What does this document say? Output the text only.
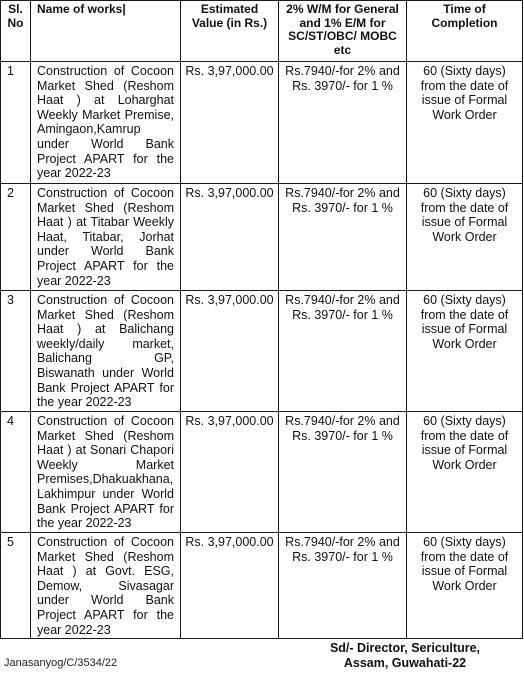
Sl. No	Name of works|	Estimated Value (in Rs.)	2% W/M for General and 1% E/M for SC/ST/OBC/ MOBC etc	Time of Completion
1	Construction of Cocoon Market Shed (Reshom Haat ) at Loharghat Weekly Market Premise, Amingaon,Kamrup under World Bank Project APART for the year 2022-23	Rs. 3,97,000.00	Rs.7940/-for 2% and Rs. 3970/- for 1 %	60 (Sixty days) from the date of issue of Formal Work Order
2	Construction of Cocoon Market Shed (Reshom Haat ) at Titabar Weekly Haat, Titabar, Jorhat under World Bank Project APART for the year 2022-23	Rs. 3,97,000.00	Rs.7940/-for 2% and Rs. 3970/- for 1 %	60 (Sixty days) from the date of issue of Formal Work Order
3	Construction of Cocoon Market Shed (Reshom Haat ) at Balichang weekly/daily market, Balichang GP, Biswanath under World Bank Project APART for the year 2022-23	Rs. 3,97,000.00	Rs.7940/-for 2% and Rs. 3970/- for 1 %	60 (Sixty days) from the date of issue of Formal Work Order
4	Construction of Cocoon Market Shed (Reshom Haat ) at Sonari Chapori Weekly Market Premises,Dhakuakhana, Lakhimpur under World Bank Project APART for the year 2022-23	Rs. 3,97,000.00	Rs.7940/-for 2% and Rs. 3970/- for 1 %	60 (Sixty days) from the date of issue of Formal Work Order
5	Construction of Cocoon Market Shed (Reshom Haat ) at Govt. ESG, Demow, Sivasagar under World Bank Project APART for the year 2022-23	Rs. 3,97,000.00	Rs.7940/-for 2% and Rs. 3970/- for 1 %	60 (Sixty days) from the date of issue of Formal Work Order
Janasanyog/C/3534/22
Sd/- Director, Sericulture,
Assam, Guwahati-22
